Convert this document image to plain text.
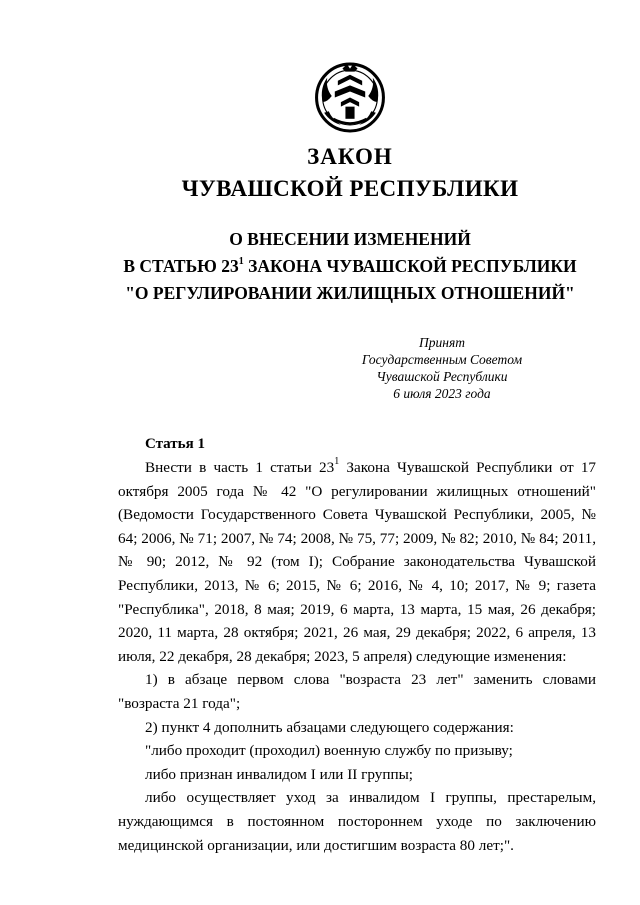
ЗАКОН
ЧУВАШСКОЙ РЕСПУБЛИКИ
О ВНЕСЕНИИ ИЗМЕНЕНИЙ
В СТАТЬЮ $23^1$ ЗАКОНА ЧУВАШСКОЙ РЕСПУБЛИКИ
"О РЕГУЛИРОВАНИИ ЖИЛИЩНЫХ ОТНОШЕНИЙ"
Принят
Государственным Советом
Чувашской Республики
6 июля 2023 года
Статья 1

Внести в часть 1 статьи $23^1$ Закона Чувашской Республики от 17 октября 2005 года № 42 "О регулировании жилищных отношений" (Ведомости Государственного Совета Чувашской Республики, 2005, № 64; 2006, № 71; 2007, № 74; 2008, № 75, 77; 2009, № 82; 2010, № 84; 2011, № 90; 2012, № 92 (том I); Собрание законодательства Чувашской Республики, 2013, № 6; 2015, № 6; 2016, № 4, 10; 2017, № 9; газета "Республика", 2018, 8 мая; 2019, 6 марта, 13 марта, 15 мая, 26 декабря; 2020, 11 марта, 28 октября; 2021, 26 мая, 29 декабря; 2022, 6 апреля, 13 июля, 22 декабря, 28 декабря; 2023, 5 апреля) следующие изменения:

1) в абзаце первом слова "возраста 23 лет" заменить словами "возраста 21 года";

2) пункт 4 дополнить абзацами следующего содержания:

"либо проходит (проходил) военную службу по призыву;

либо признан инвалидом I или II группы;

либо осуществляет уход за инвалидом I группы, престарелым, нуждающимся в постоянном постороннем уходе по заключению медицинской организации, или достигшим возраста 80 лет;".
